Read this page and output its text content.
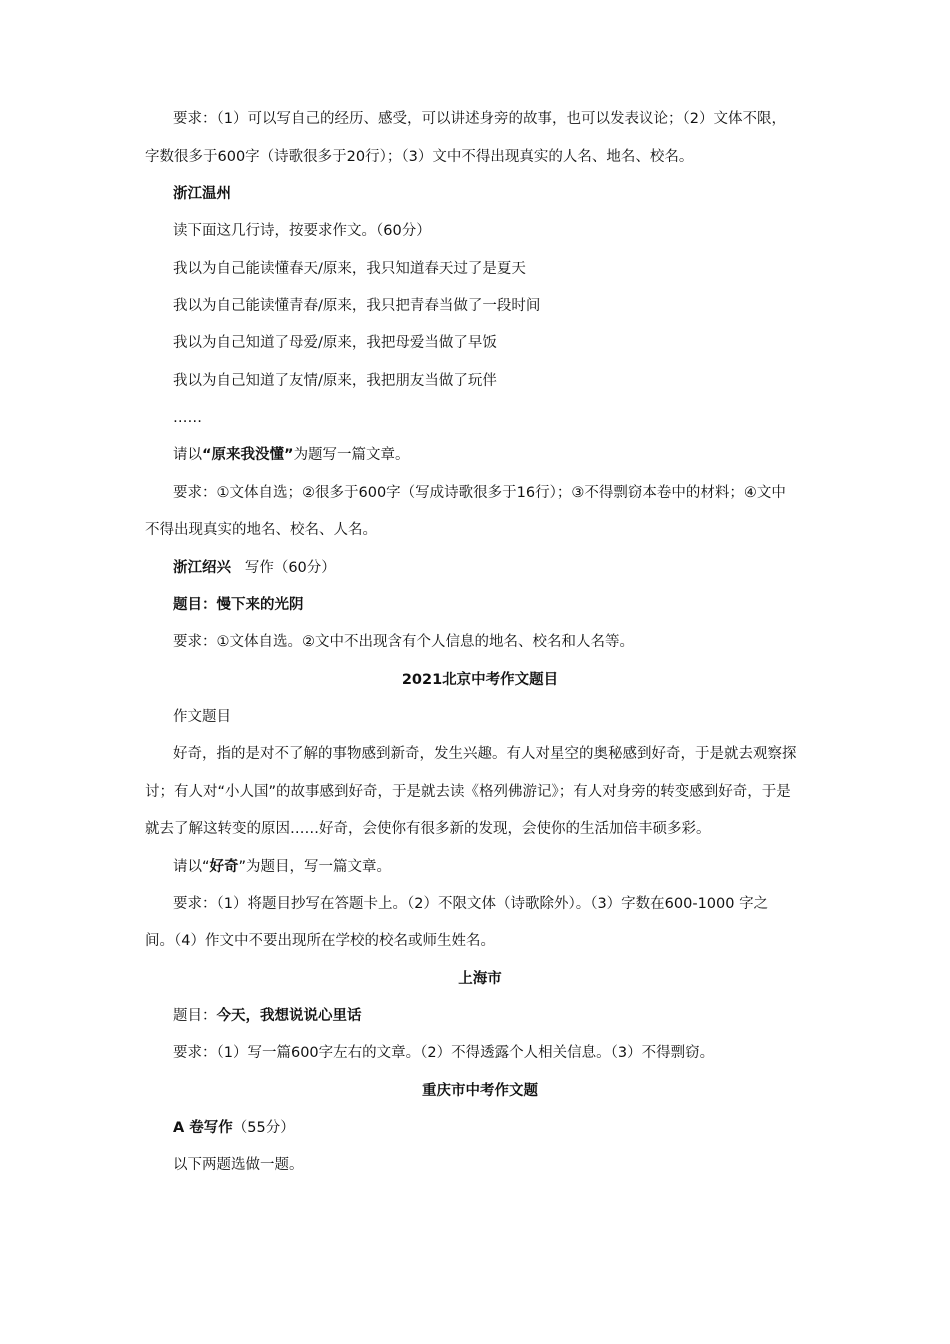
要求：（1）可以写自己的经历、感受，可以讲述身旁的故事，也可以发表议论；（2）文体不限，
字数很多于600字（诗歌很多于20行）；（3）文中不得出现真实的人名、地名、校名。
浙江温州
读下面这几行诗，按要求作文。（60分）
我以为自己能读懂春天/原来，我只知道春天过了是夏天
我以为自己能读懂青春/原来，我只把青春当做了一段时间
我以为自己知道了母爱/原来，我把母爱当做了早饭
我以为自己知道了友情/原来，我把朋友当做了玩伴
……
请以“原来我没懂”为题写一篇文章。
要求：①文体自选；②很多于600字（写成诗歌很多于16行）；③不得剽窃本卷中的材料；④文中
不得出现真实的地名、校名、人名。
浙江绍兴 写作（60分）
题目：慢下来的光阴
要求：①文体自选。②文中不出现含有个人信息的地名、校名和人名等。
2021北京中考作文题目
作文题目
好奇，指的是对不了解的事物感到新奇，发生兴趣。有人对星空的奥秘感到好奇，于是就去观察探
讨；有人对“小人国”的故事感到好奇，于是就去读《格列佛游记》；有人对身旁的转变感到好奇，于是
就去了解这转变的原因……好奇，会使你有很多新的发现，会使你的生活加倍丰硕多彩。
请以“好奇”为题目，写一篇文章。
要求：（1）将题目抄写在答题卡上。（2）不限文体（诗歌除外）。（3）字数在600-1000 字之
间。（4）作文中不要出现所在学校的校名或师生姓名。
上海市
题目：今天，我想说说心里话
要求：（1）写一篇600字左右的文章。（2）不得透露个人相关信息。（3）不得剽窃。
重庆市中考作文题
A 卷写作（55分）
以下两题选做一题。
